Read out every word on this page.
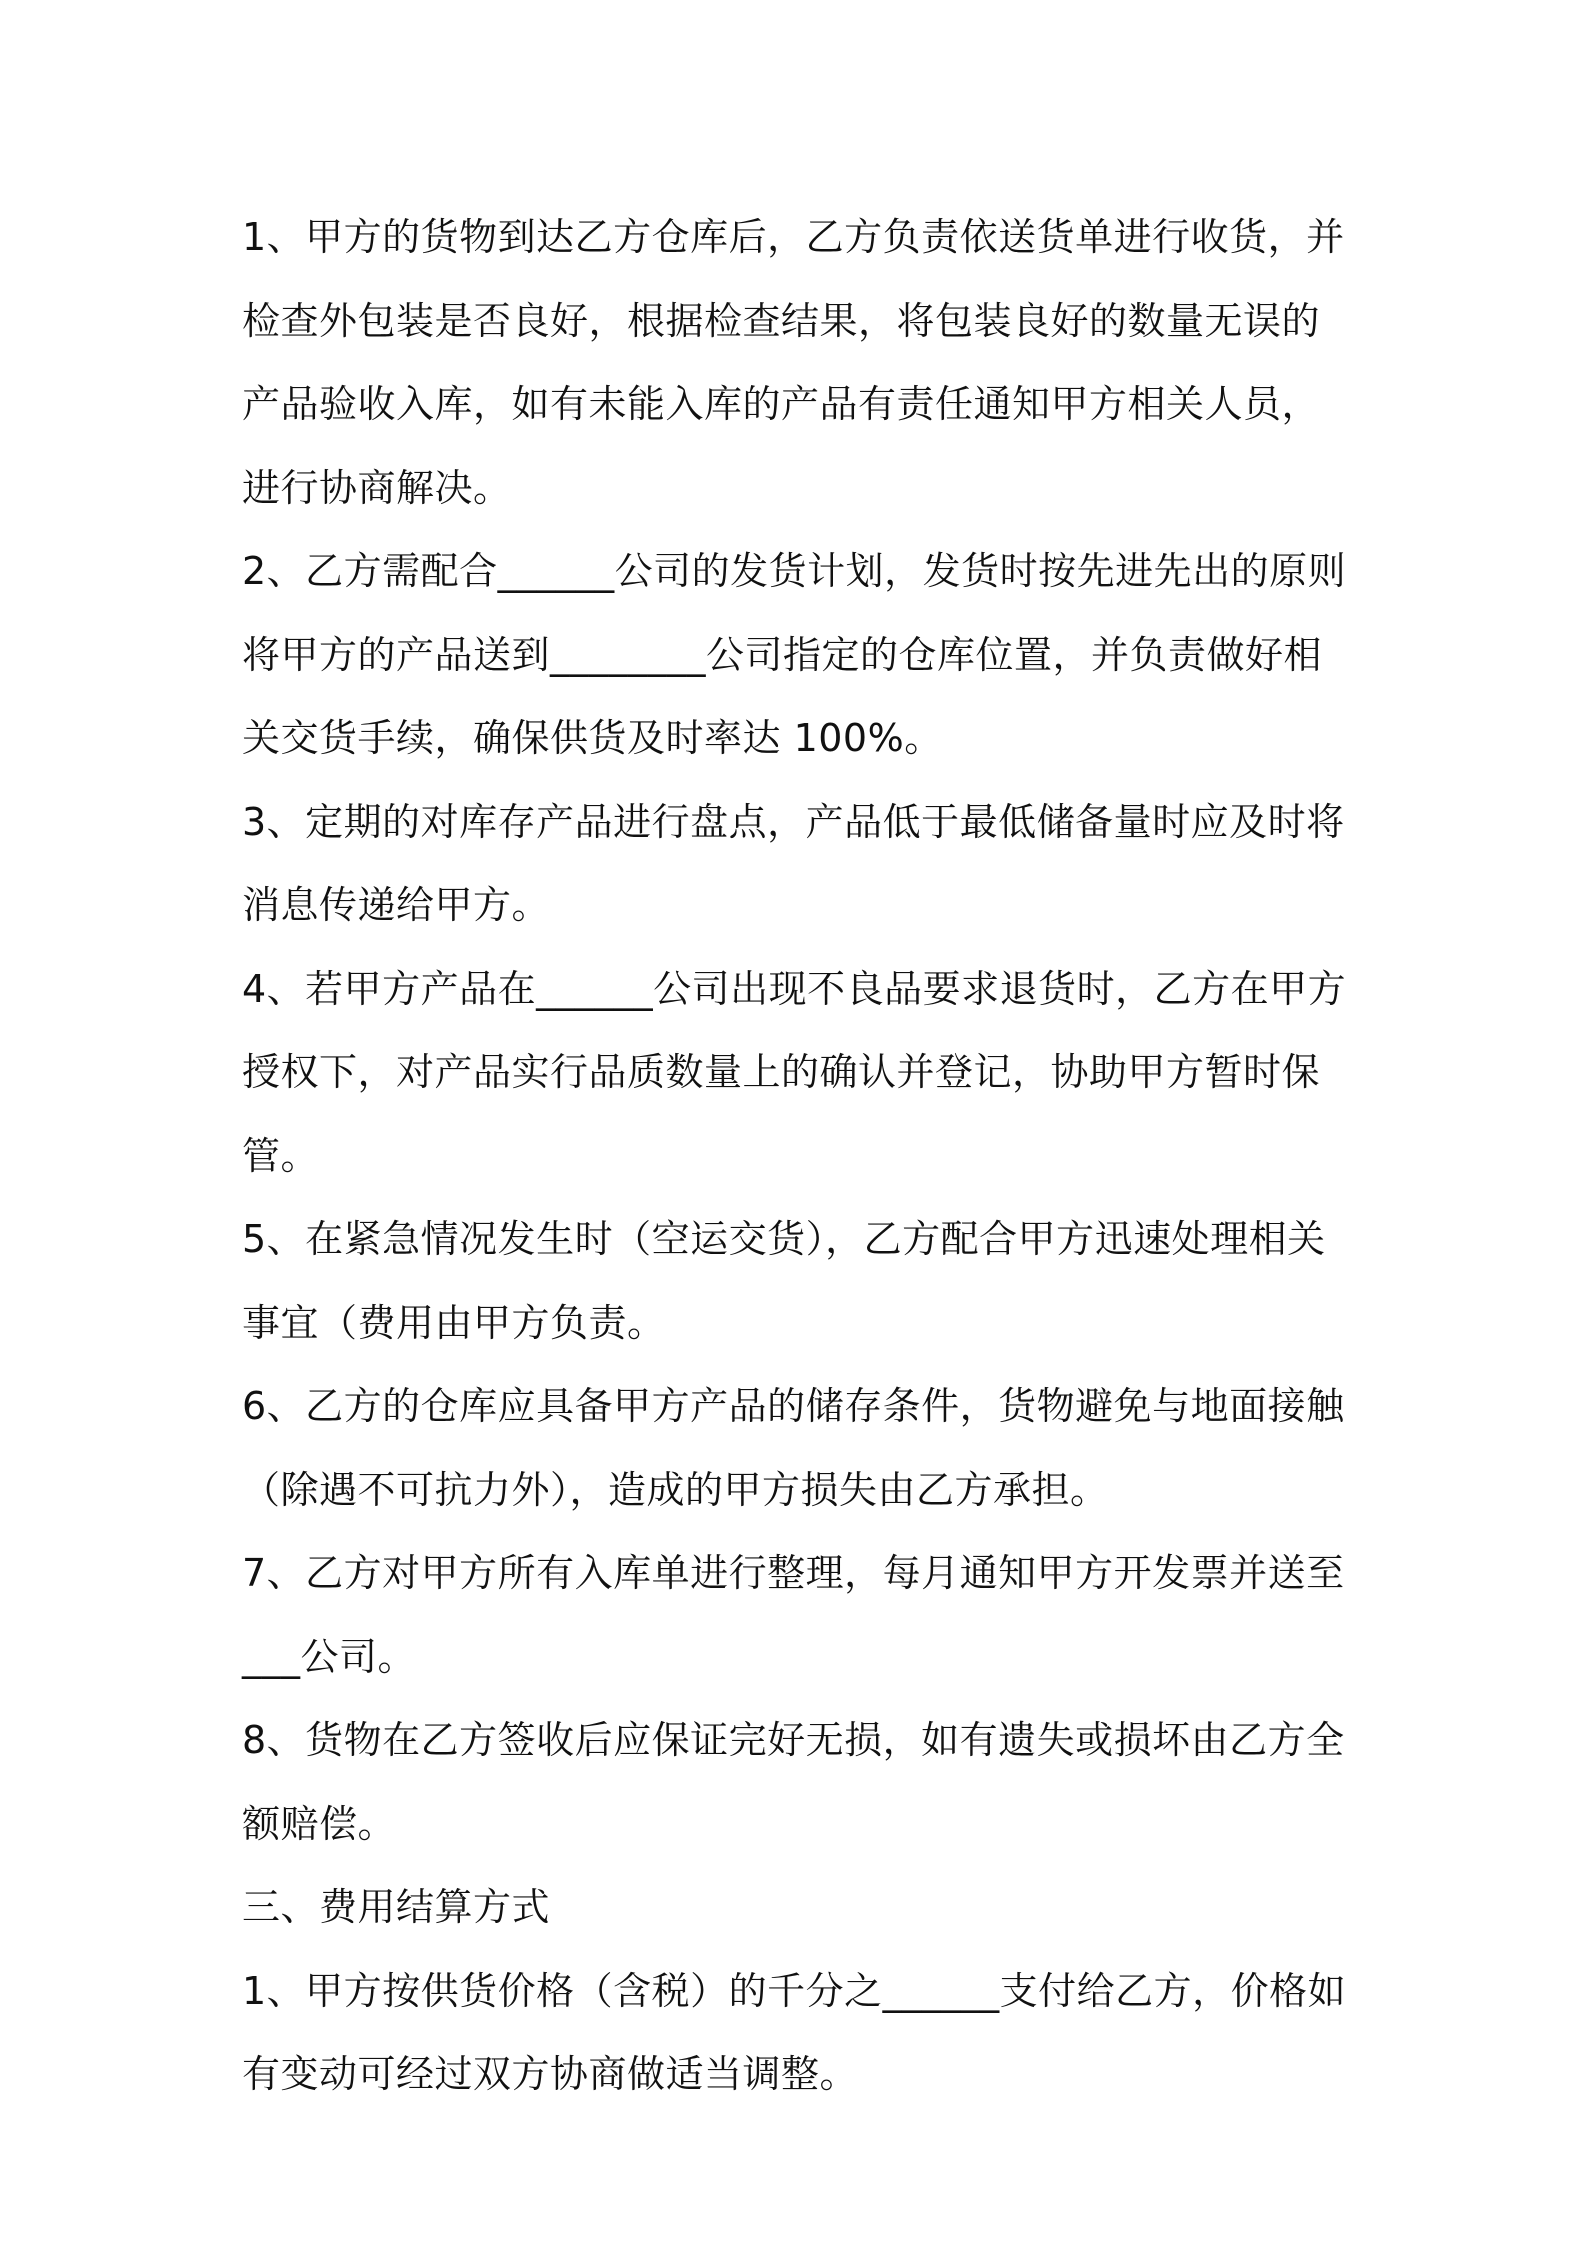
1、甲方的货物到达乙方仓库后，乙方负责依送货单进行收货，并检查外包装是否良好，根据检查结果，将包装良好的数量无误的产品验收入库，如有未能入库的产品有责任通知甲方相关人员，进行协商解决。

2、乙方需配合______公司的发货计划，发货时按先进先出的原则将甲方的产品送到________公司指定的仓库位置，并负责做好相关交货手续，确保供货及时率达 100%。

3、定期的对库存产品进行盘点，产品低于最低储备量时应及时将消息传递给甲方。

4、若甲方产品在______公司出现不良品要求退货时，乙方在甲方授权下，对产品实行品质数量上的确认并登记，协助甲方暂时保管。

5、在紧急情况发生时（空运交货），乙方配合甲方迅速处理相关事宜（费用由甲方负责。

6、乙方的仓库应具备甲方产品的储存条件，货物避免与地面接触（除遇不可抗力外），造成的甲方损失由乙方承担。

7、乙方对甲方所有入库单进行整理，每月通知甲方开发票并送至___公司。

8、货物在乙方签收后应保证完好无损，如有遗失或损坏由乙方全额赔偿。

三、费用结算方式

1、甲方按供货价格（含税）的千分之______支付给乙方，价格如有变动可经过双方协商做适当调整。
